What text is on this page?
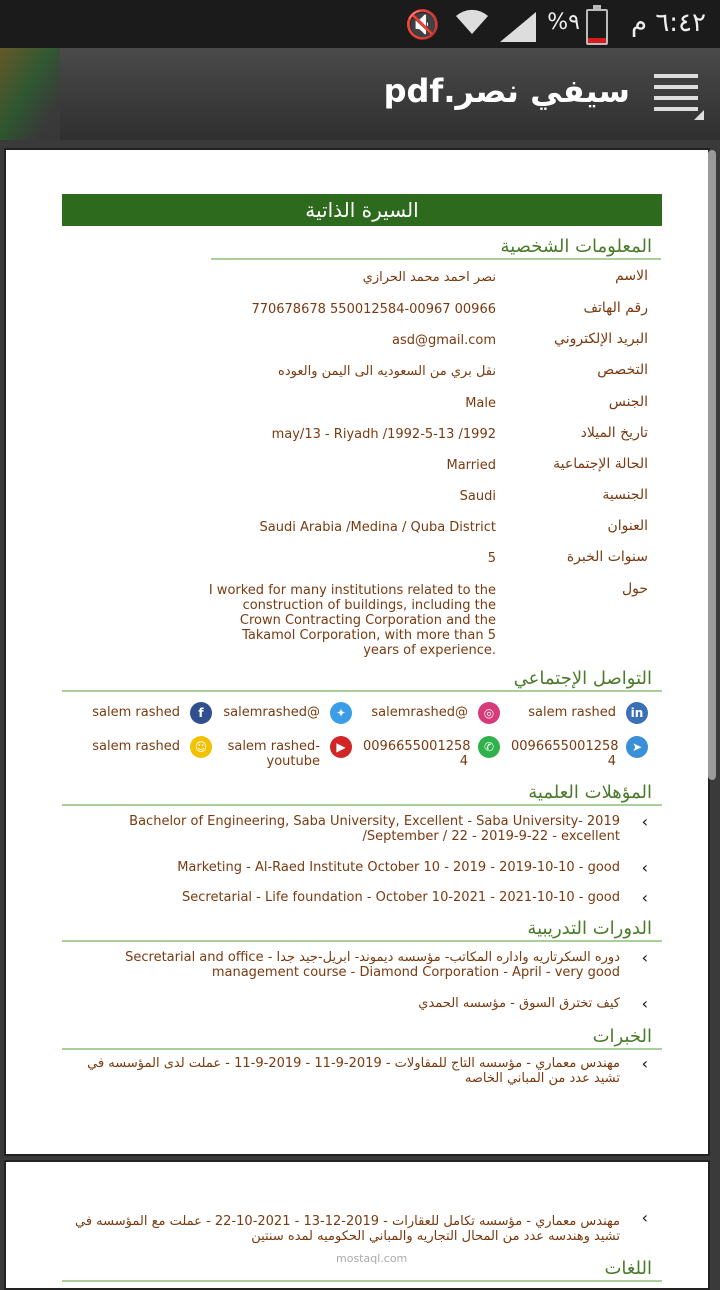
🔇	%٩ ٦:٤٢ م
سيفي نصر.pdf
السيرة الذاتية
المعلومات الشخصية
الاسم
نصر احمد محمد الحرازي
رقم الهاتف
770678678 550012584-00967 00966
البريد الإلكتروني
asd@gmail.com
التخصص
نقل بري من السعوديه الى اليمن والعوده
الجنس
Male
تاريخ الميلاد
may/13 - Riyadh /1992-5-13 /1992
الحالة الإجتماعية
Married
الجنسية
Saudi
العنوان
Saudi Arabia /Medina / Quba District
سنوات الخبرة
5
حول
I worked for many institutions related to the construction of buildings, including the Crown Contracting Corporation and the Takamol Corporation, with more than 5 years of experience.
التواصل الإجتماعي
in
salem rashed
◎
salemrashed@
✦
salemrashed@
f
salem rashed
➤
0096655001258 4
✆
0096655001258 4
▶
salem rashed- youtube
☺
salem rashed
المؤهلات العلمية
‹
Bachelor of Engineering, Saba University, Excellent - Saba University- 2019 /September / 22 - 2019-9-22 - excellent
‹
Marketing - Al-Raed Institute October 10 - 2019 - 2019-10-10 - good
‹
Secretarial - Life foundation - October 10-2021 - 2021-10-10 - good
الدورات التدريبية
‹
دوره السكرتاريه واداره المكاتب- مؤسسه ديموند- ابريل-جيد جدا - Secretarial and office management course - Diamond Corporation - April - very good
‹
كيف تخترق السوق - مؤسسه الحمدي
الخبرات
‹
مهندس معماري - مؤسسه التاج للمقاولات - 2019-9-11 - 2019-9-11 - عملت لدى المؤسسه في تشيد عدد من المباني الخاصه
‹
مهندس معماري - مؤسسه تكامل للعقارات - 2019-12-13 - 2021-10-22 - عملت مع المؤسسه في تشيد وهندسه عدد من المحال التجاريه والمباني الحكوميه لمده سنتين
اللغات
mostaql.com
